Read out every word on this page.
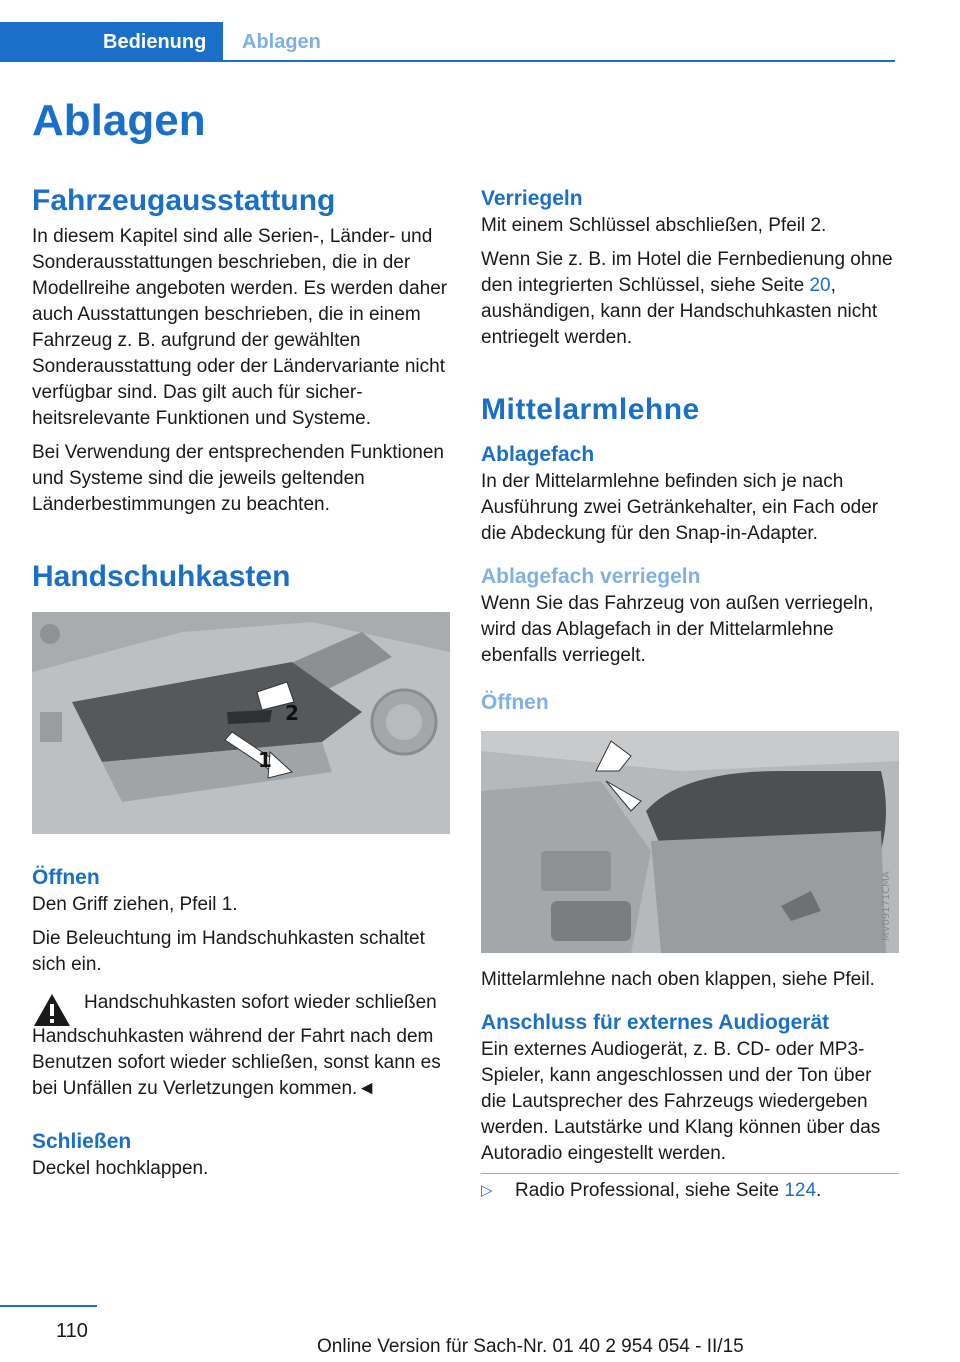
Bedienung	Ablagen
Ablagen
Fahrzeugausstattung

In diesem Kapitel sind alle Serien-, Länder- und Sonderausstattungen beschrieben, die in der Modellreihe angeboten werden. Es werden daher auch Ausstattungen beschrieben, die in einem Fahrzeug z. B. aufgrund der gewählten Sonderausstattung oder der Ländervariante nicht verfügbar sind. Das gilt auch für sicherheitsrelevante Funktionen und Systeme.

Bei Verwendung der entsprechenden Funktionen und Systeme sind die jeweils geltenden Länderbestimmungen zu beachten.

Handschuhkasten
2
1
Öffnen

Den Griff ziehen, Pfeil 1.

Die Beleuchtung im Handschuhkasten schaltet sich ein.

Handschuhkasten sofort wieder schließen

Handschuhkasten während der Fahrt nach dem Benutzen sofort wieder schließen, sonst kann es bei Unfällen zu Verletzungen kommen.◄

Schließen

Deckel hochklappen.

Verriegeln

Mit einem Schlüssel abschließen, Pfeil 2.

Wenn Sie z. B. im Hotel die Fernbedienung ohne den integrierten Schlüssel, siehe Seite 20, aushändigen, kann der Handschuhkasten nicht entriegelt werden.

Mittelarmlehne
Ablagefach

In der Mittelarmlehne befinden sich je nach Ausführung zwei Getränkehalter, ein Fach oder die Abdeckung für den Snap-in-Adapter.

Ablagefach verriegeln

Wenn Sie das Fahrzeug von außen verriegeln, wird das Ablagefach in der Mittelarmlehne ebenfalls verriegelt.

Öffnen
MV09171CMA

Mittelarmlehne nach oben klappen, siehe Pfeil.

Anschluss für externes Audiogerät

Ein externes Audiogerät, z. B. CD- oder MP3-Spieler, kann angeschlossen und der Ton über die Lautsprecher des Fahrzeugs wiedergeben werden. Lautstärke und Klang können über das Autoradio eingestellt werden.

▷ Radio Professional, siehe Seite 124.

110
Online Version für Sach-Nr. 01 40 2 954 054 - II/15
